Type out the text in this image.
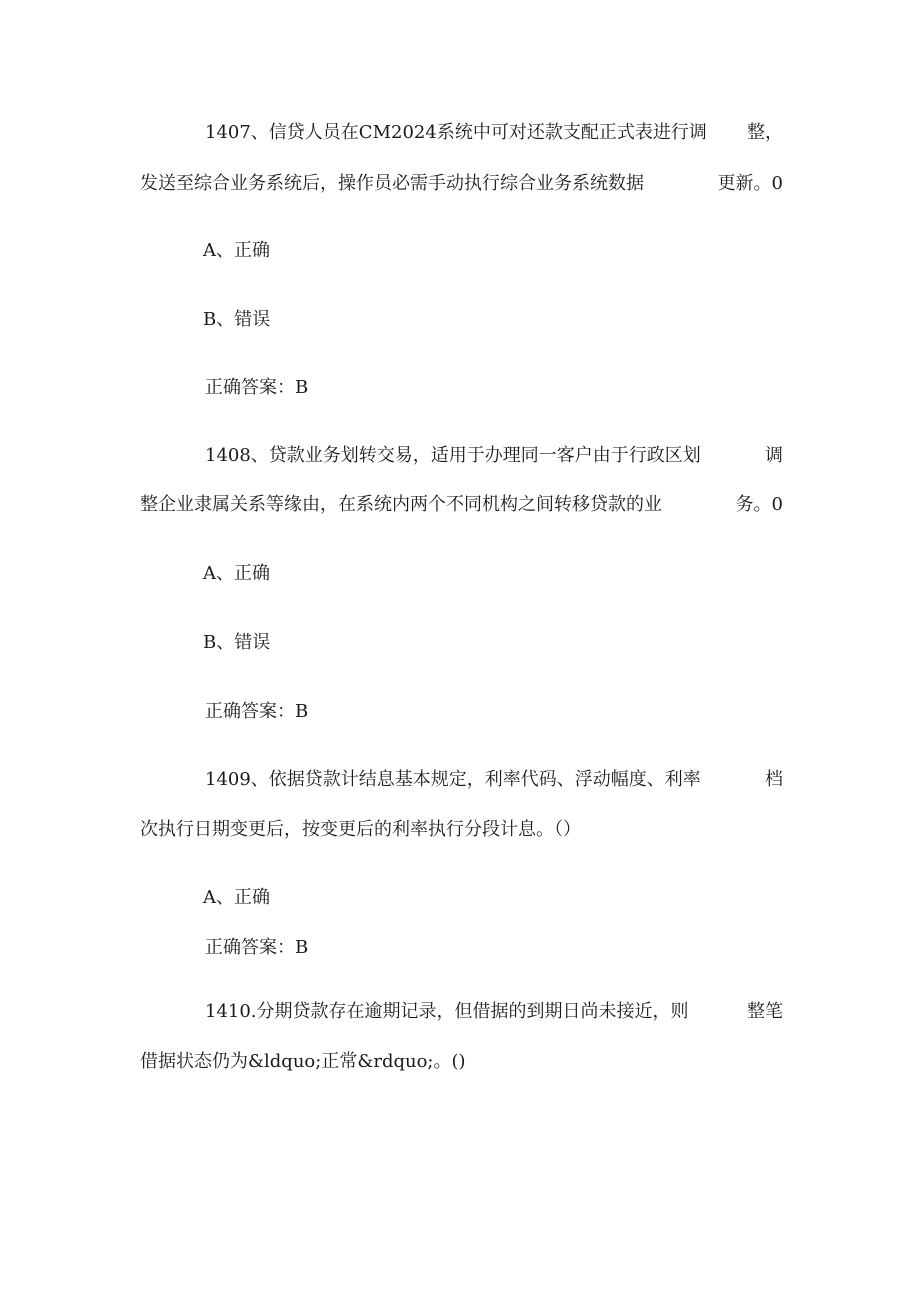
1407、信贷人员在CM2024系统中可对还款支配正式表进行调 整，
发送至综合业务系统后，操作员必需手动执行综合业务系统数据	更新。0
A、正确
B、错误
正确答案：B
1408、贷款业务划转交易，适用于办理同一客户由于行政区划	调
整企业隶属关系等缘由，在系统内两个不同机构之间转移贷款的业	务。0
A、正确
B、错误
正确答案：B
1409、依据贷款计结息基本规定，利率代码、浮动幅度、利率	档
次执行日期变更后，按变更后的利率执行分段计息。（）
A、正确
正确答案：B
1410.分期贷款存在逾期记录，但借据的到期日尚未接近，则	整笔
借据状态仍为&ldquo;正常&rdquo;。()
